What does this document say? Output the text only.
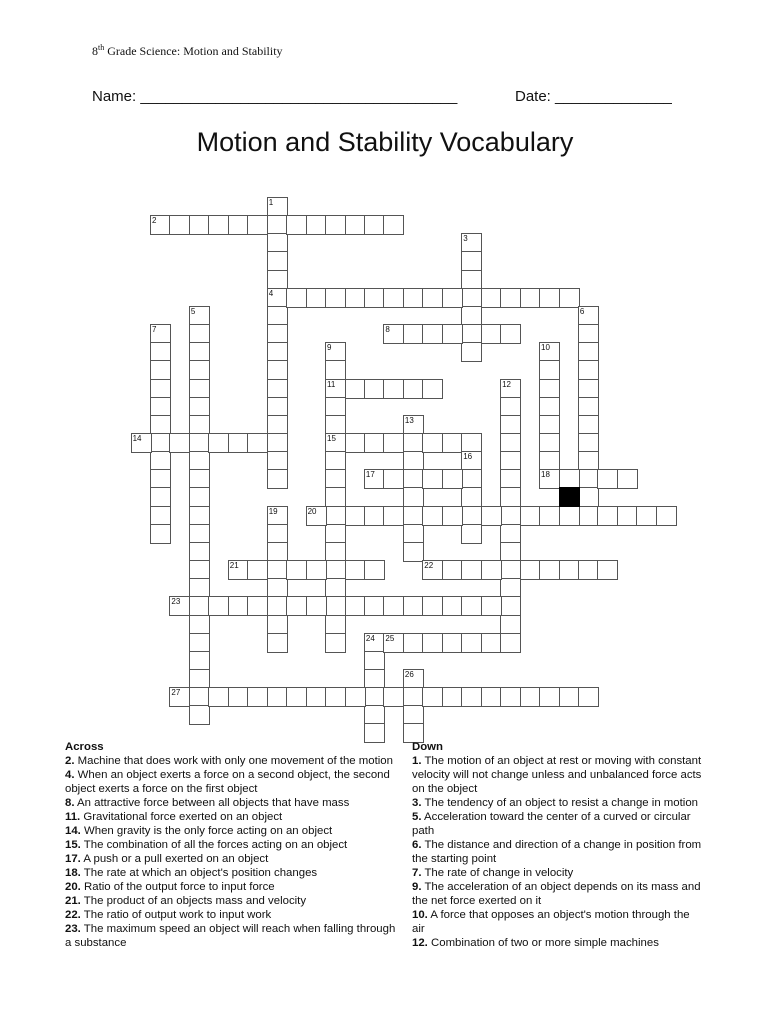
8th Grade Science: Motion and Stability
Name: ______________________________________	Date: ______________
Motion and Stability Vocabulary
1
2
3
4
5	6
7	8
9	10
11	12
13
14	15
16
17	18
19	20
21	22
23
24 25
26
27
Across
2. Machine that does work with only one movement of the motion
4. When an object exerts a force on a second object, the second object exerts a force on the first object
8. An attractive force between all objects that have mass
11. Gravitational force exerted on an object
14. When gravity is the only force acting on an object
15. The combination of all the forces acting on an object
17. A push or a pull exerted on an object
18. The rate at which an object's position changes
20. Ratio of the output force to input force
21. The product of an objects mass and velocity
22. The ratio of output work to input work
23. The maximum speed an object will reach when falling through a substance
Down
1. The motion of an object at rest or moving with constant velocity will not change unless and unbalanced force acts on the object
3. The tendency of an object to resist a change in motion
5. Acceleration toward the center of a curved or circular path
6. The distance and direction of a change in position from the starting point
7. The rate of change in velocity
9. The acceleration of an object depends on its mass and the net force exerted on it
10. A force that opposes an object's motion through the air
12. Combination of two or more simple machines
